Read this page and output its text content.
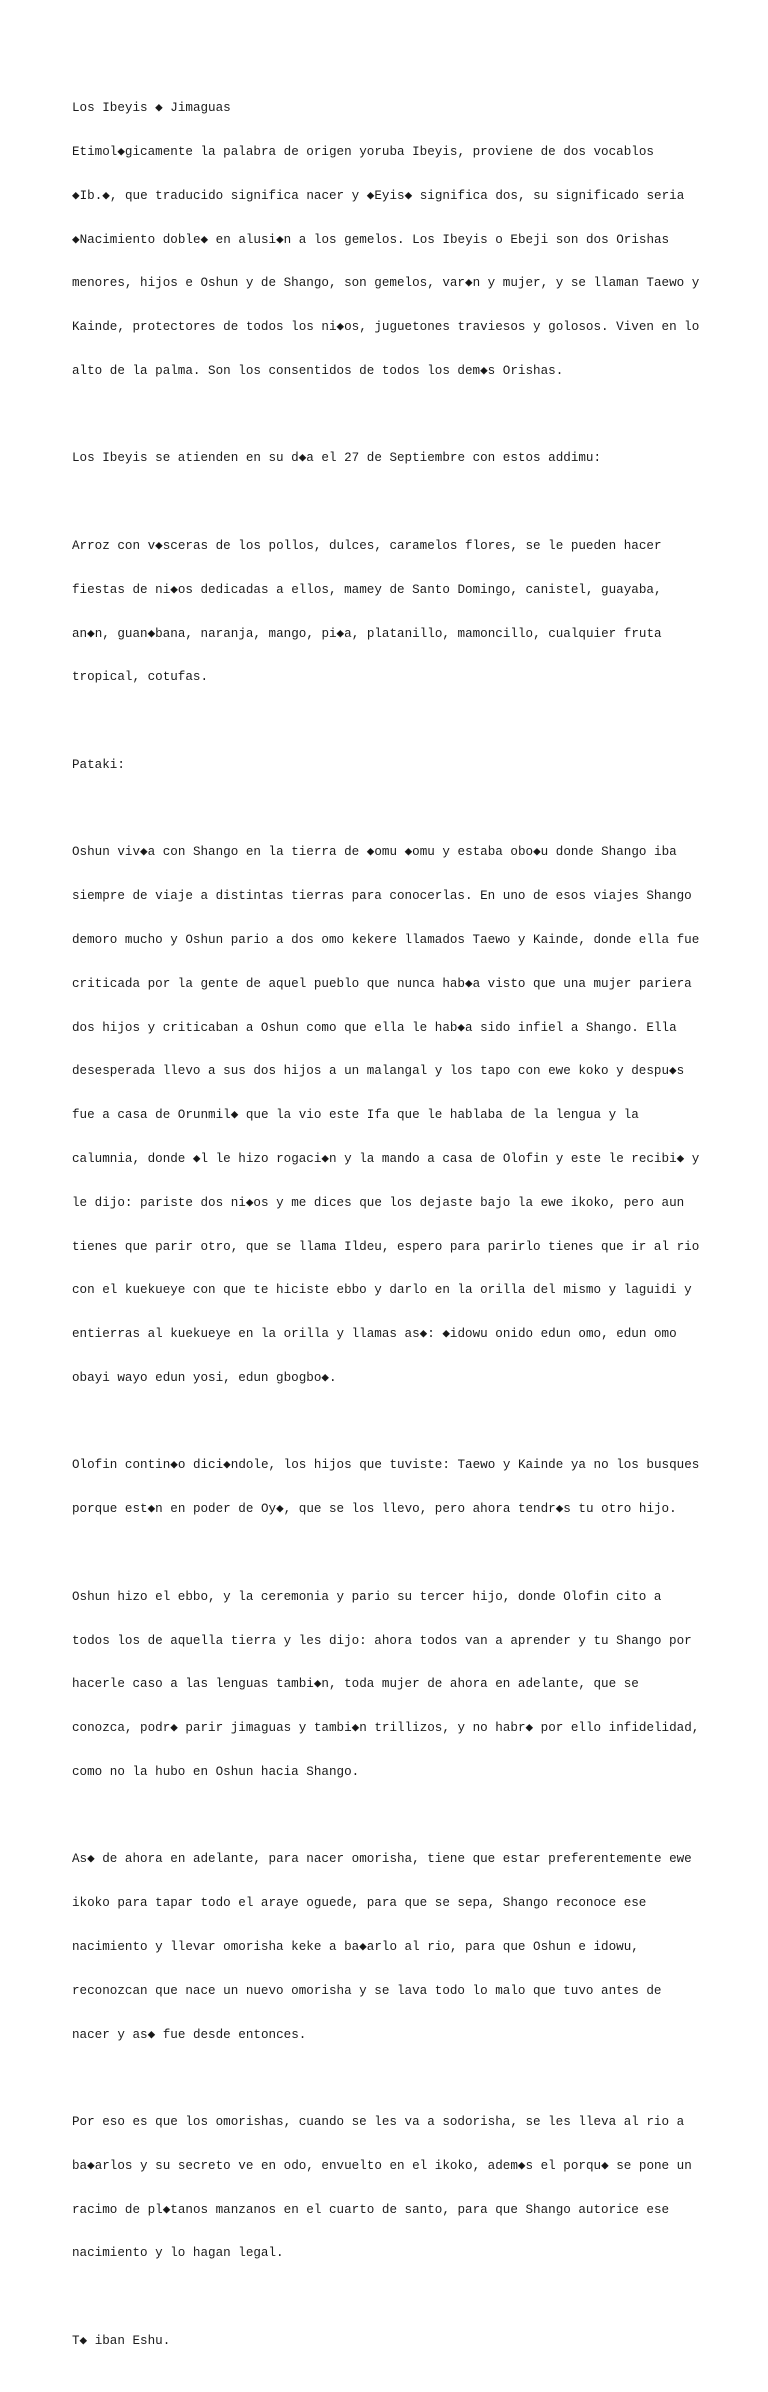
Los Ibeyis ◆ Jimaguas

Etimol◆gicamente la palabra de origen yoruba Ibeyis, proviene de dos vocablos

◆Ib.◆, que traducido significa nacer y ◆Eyis◆ significa dos, su significado seria

◆Nacimiento doble◆ en alusi◆n a los gemelos. Los Ibeyis o Ebeji son dos Orishas

menores, hijos e Oshun y de Shango, son gemelos, var◆n y mujer, y se llaman Taewo y

Kainde, protectores de todos los ni◆os, juguetones traviesos y golosos. Viven en lo

alto de la palma. Son los consentidos de todos los dem◆s Orishas.

Los Ibeyis se atienden en su d◆a el 27 de Septiembre con estos addimu:

Arroz con v◆sceras de los pollos, dulces, caramelos flores, se le pueden hacer

fiestas de ni◆os dedicadas a ellos, mamey de Santo Domingo, canistel, guayaba,

an◆n, guan◆bana, naranja, mango, pi◆a, platanillo, mamoncillo, cualquier fruta

tropical, cotufas.

Pataki:

Oshun viv◆a con Shango en la tierra de ◆omu ◆omu y estaba obo◆u donde Shango iba

siempre de viaje a distintas tierras para conocerlas. En uno de esos viajes Shango

demoro mucho y Oshun pario a dos omo kekere llamados Taewo y Kainde, donde ella fue

criticada por la gente de aquel pueblo que nunca hab◆a visto que una mujer pariera

dos hijos y criticaban a Oshun como que ella le hab◆a sido infiel a Shango. Ella

desesperada llevo a sus dos hijos a un malangal y los tapo con ewe koko y despu◆s

fue a casa de Orunmil◆ que la vio este Ifa que le hablaba de la lengua y la

calumnia, donde ◆l le hizo rogaci◆n y la mando a casa de Olofin y este le recibi◆ y

le dijo: pariste dos ni◆os y me dices que los dejaste bajo la ewe ikoko, pero aun

tienes que parir otro, que se llama Ildeu, espero para parirlo tienes que ir al rio

con el kuekueye con que te hiciste ebbo y darlo en la orilla del mismo y laguidi y

entierras al kuekueye en la orilla y llamas as◆: ◆idowu onido edun omo, edun omo

obayi wayo edun yosi, edun gbogbo◆.

Olofin contin◆o dici◆ndole, los hijos que tuviste: Taewo y Kainde ya no los busques

porque est◆n en poder de Oy◆, que se los llevo, pero ahora tendr◆s tu otro hijo.

Oshun hizo el ebbo, y la ceremonia y pario su tercer hijo, donde Olofin cito a

todos los de aquella tierra y les dijo: ahora todos van a aprender y tu Shango por

hacerle caso a las lenguas tambi◆n, toda mujer de ahora en adelante, que se

conozca, podr◆ parir jimaguas y tambi◆n trillizos, y no habr◆ por ello infidelidad,

como no la hubo en Oshun hacia Shango.

As◆ de ahora en adelante, para nacer omorisha, tiene que estar preferentemente ewe

ikoko para tapar todo el araye oguede, para que se sepa, Shango reconoce ese

nacimiento y llevar omorisha keke a ba◆arlo al rio, para que Oshun e idowu,

reconozcan que nace un nuevo omorisha y se lava todo lo malo que tuvo antes de

nacer y as◆ fue desde entonces.

Por eso es que los omorishas, cuando se les va a sodorisha, se les lleva al rio a

ba◆arlos y su secreto ve en odo, envuelto en el ikoko, adem◆s el porqu◆ se pone un

racimo de pl◆tanos manzanos en el cuarto de santo, para que Shango autorice ese

nacimiento y lo hagan legal.

T◆ iban Eshu.
